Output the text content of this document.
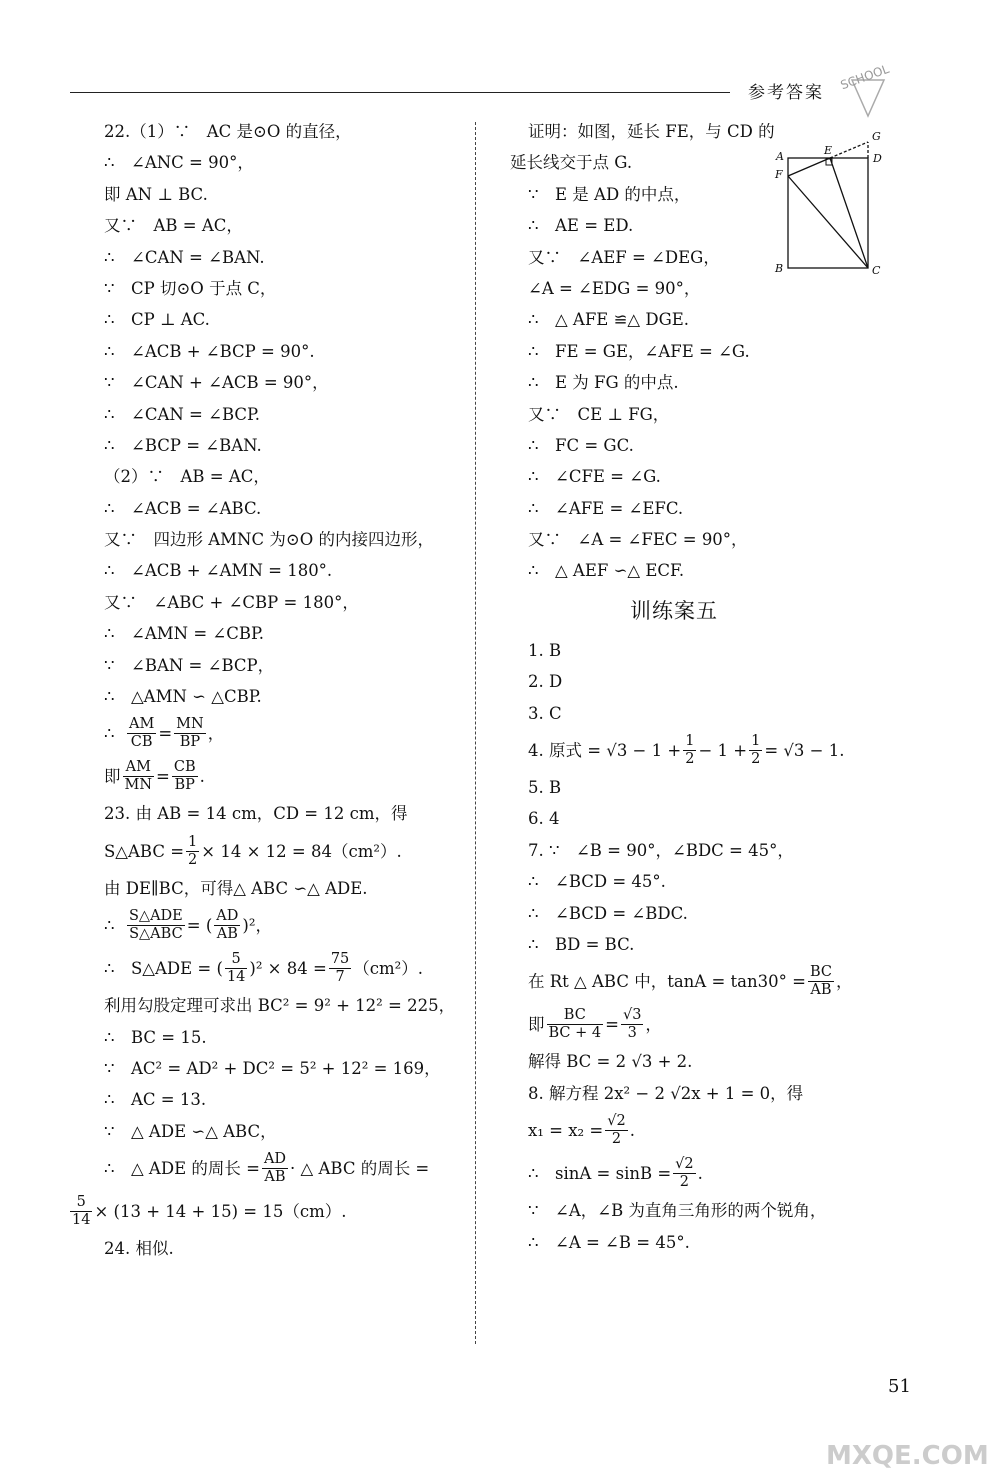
参考答案
SCHOOL
22.（1）∵　AC 是⊙O 的直径，
∴　∠ANC = 90°，
即 AN ⊥ BC.
又∵　AB = AC，
∴　∠CAN = ∠BAN.
∵　CP 切⊙O 于点 C，
∴　CP ⊥ AC.
∴　∠ACB + ∠BCP = 90°.
∵　∠CAN + ∠ACB = 90°，
∴　∠CAN = ∠BCP.
∴　∠BCP = ∠BAN.
（2）∵　AB = AC，
∴　∠ACB = ∠ABC.
又∵　四边形 AMNC 为⊙O 的内接四边形，
∴　∠ACB + ∠AMN = 180°.
又∵　∠ABC + ∠CBP = 180°，
∴　∠AMN = ∠CBP.
∵　∠BAN = ∠BCP，
∴　△AMN ∽ △CBP.
∴
$\frac{AM}{CB} = \frac{MN}{BP}$ ，
即 $\frac{AM}{MN} = \frac{CB}{BP}$ .
23. 由 AB = 14 cm，CD = 12 cm，得
S△ABC = $\frac{1}{2} \times 14 \times 12 = 84(cm^2)$.
由 DE∥BC，可得△ ABC ∽△ ADE.
∴
$\frac{\text{S△ADE}}{\text{S△ABC}}$ = ( $\frac{AD}{AB} )^2$，
∴　S△ADE = ( $\frac{5}{14} )^2 \times 84 = \frac{75}{7} (cm^2)$.
利用勾股定理可求出 BC² = 9² + 12² = 225，
∴　BC = 15.
∵　AC² = AD² + DC² = 5² + 12² = 169，
∴　AC = 13.
∵　△ ADE ∽△ ABC，
∴　△ ADE 的周长 = $\frac{AD}{AB}$ · △ ABC 的周长 =
$\frac{5}{14} \times (13 + 14 + 15) = 15(cm)$.
24. 相似.
证明：如图，延长 FE，与 CD 的
延长线交于点 G.
∵　E 是 AD 的中点，
∴　AE = ED.
又∵　∠AEF = ∠DEG，
∠A = ∠EDG = 90°，
∴　△ AFE ≌△ DGE.
∴　FE = GE，∠AFE = ∠G.
∴　E 为 FG 的中点.
又∵　CE ⊥ FG，
∴　FC = GC.
∴　∠CFE = ∠G.
∴　∠AFE = ∠EFC.
又∵　∠A = ∠FEC = 90°，
∴　△ AEF ∽△ ECF.
训练案五
1. B
2. D
3. C
4. 原式 = $√3 - 1 + \frac{1}{2} - 1 + \frac{1}{2} = √3 - 1$.
5. B
6. 4
7. ∵　∠B = 90°，∠BDC = 45°，
∴　∠BCD = 45°.
∴　∠BCD = ∠BDC.
∴　BD = BC.
在 Rt △ ABC 中，$\tan A = \tan 30^\circ = \frac{BC}{AB}$ ，
即 $\frac{BC}{BC + 4} = \frac{√3}{3}$ ，
解得 BC = 2 √3 + 2.
8. 解方程 2x² − 2 √2x + 1 = 0，得
$x_1 = x_2 = \frac{√2}{2}$ .
∴　$\sin A = \sin B = \frac{√2}{2}$ .
∵　∠A，∠B 为直角三角形的两个锐角，
∴　∠A = ∠B = 45°.
G
A	E
D
F
B	C
51
MXQE.COM
